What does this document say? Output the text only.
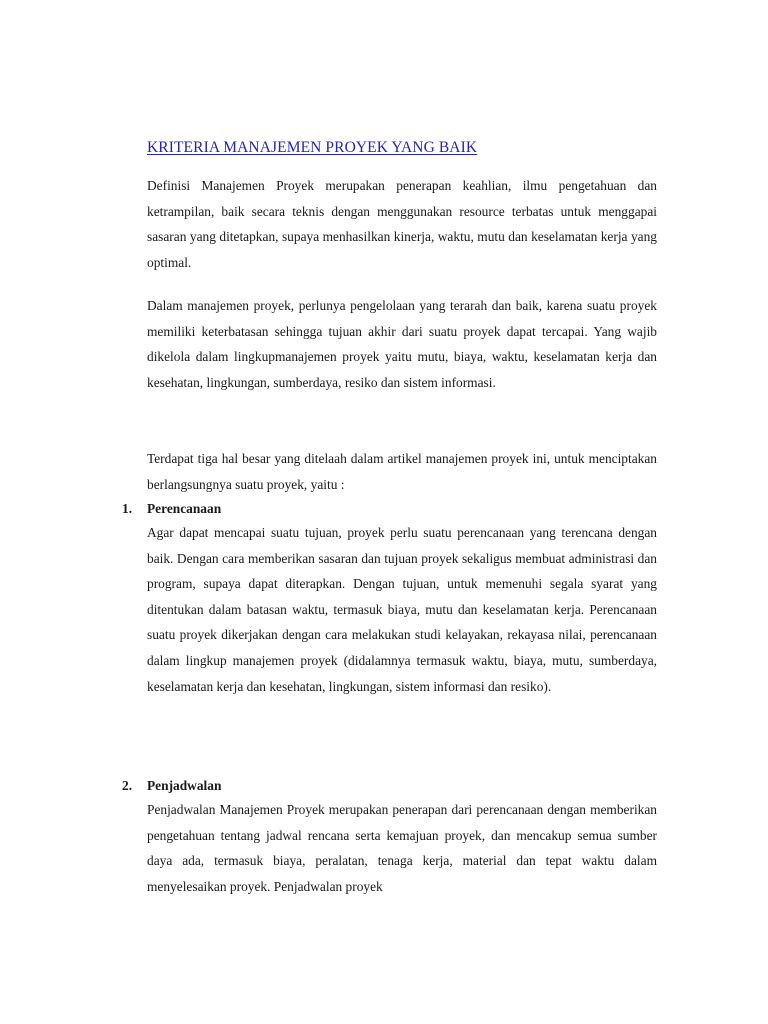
KRITERIA MANAJEMEN PROYEK YANG BAIK

Definisi Manajemen Proyek merupakan penerapan keahlian, ilmu pengetahuan dan ketrampilan, baik secara teknis dengan menggunakan resource terbatas untuk menggapai sasaran yang ditetapkan, supaya menhasilkan kinerja, waktu, mutu dan keselamatan kerja yang optimal.

Dalam manajemen proyek, perlunya pengelolaan yang terarah dan baik, karena suatu proyek memiliki keterbatasan sehingga tujuan akhir dari suatu proyek dapat tercapai. Yang wajib dikelola dalam lingkupmanajemen proyek yaitu mutu, biaya, waktu, keselamatan kerja dan kesehatan, lingkungan, sumberdaya, resiko dan sistem informasi.

Terdapat tiga hal besar yang ditelaah dalam artikel manajemen proyek ini, untuk menciptakan berlangsungnya suatu proyek, yaitu :

1. Perencanaan

Agar dapat mencapai suatu tujuan, proyek perlu suatu perencanaan yang terencana dengan baik. Dengan cara memberikan sasaran dan tujuan proyek sekaligus membuat administrasi dan program, supaya dapat diterapkan. Dengan tujuan, untuk memenuhi segala syarat yang ditentukan dalam batasan waktu, termasuk biaya, mutu dan keselamatan kerja. Perencanaan suatu proyek dikerjakan dengan cara melakukan studi kelayakan, rekayasa nilai, perencanaan dalam lingkup manajemen proyek (didalamnya termasuk waktu, biaya, mutu, sumberdaya, keselamatan kerja dan kesehatan, lingkungan, sistem informasi dan resiko).

2. Penjadwalan

Penjadwalan Manajemen Proyek merupakan penerapan dari perencanaan dengan memberikan pengetahuan tentang jadwal rencana serta kemajuan proyek, dan mencakup semua sumber daya ada, termasuk biaya, peralatan, tenaga kerja, material dan tepat waktu dalam menyelesaikan proyek. Penjadwalan proyek
